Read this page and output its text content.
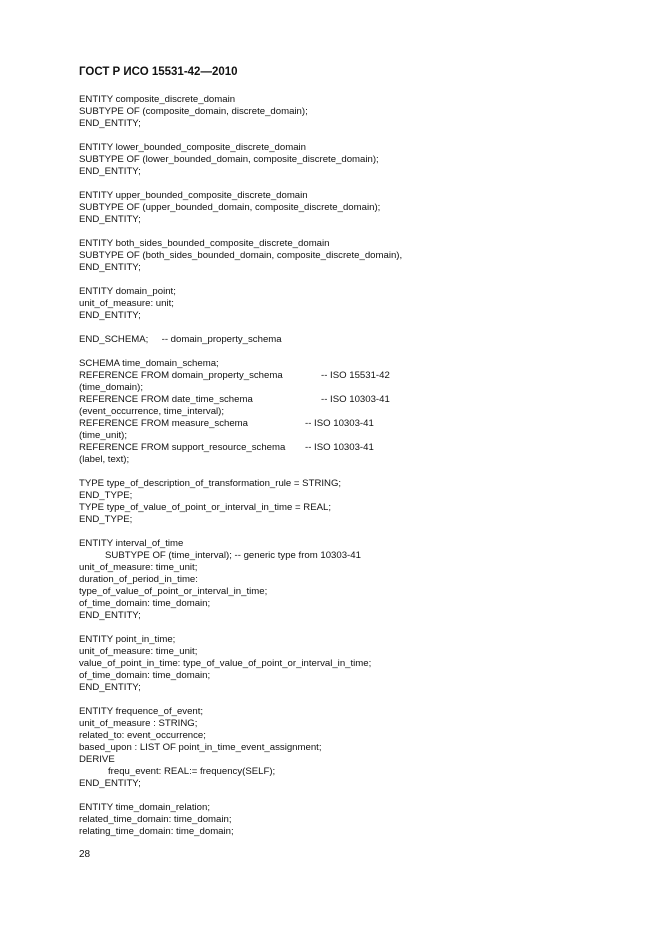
ГОСТ Р ИСО 15531-42—2010
ENTITY composite_discrete_domain
SUBTYPE OF (composite_domain, discrete_domain);
END_ENTITY;
ENTITY lower_bounded_composite_discrete_domain
SUBTYPE OF (lower_bounded_domain, composite_discrete_domain);
END_ENTITY;
ENTITY upper_bounded_composite_discrete_domain
SUBTYPE OF (upper_bounded_domain, composite_discrete_domain);
END_ENTITY;
ENTITY both_sides_bounded_composite_discrete_domain
SUBTYPE OF (both_sides_bounded_domain, composite_discrete_domain),
END_ENTITY;
ENTITY domain_point;
unit_of_measure: unit;
END_ENTITY;
END_SCHEMA;     -- domain_property_schema
SCHEMA time_domain_schema;
REFERENCE FROM domain_property_schema	-- ISO 15531-42
(time_domain);
REFERENCE FROM date_time_schema	-- ISO 10303-41
(event_occurrence, time_interval);
REFERENCE FROM measure_schema	-- ISO 10303-41
(time_unit);
REFERENCE FROM support_resource_schema -- ISO 10303-41
(label, text);
TYPE type_of_description_of_transformation_rule = STRING;
END_TYPE;
TYPE type_of_value_of_point_or_interval_in_time = REAL;
END_TYPE;
ENTITY interval_of_time
SUBTYPE OF (time_interval); -- generic type from 10303-41
unit_of_measure: time_unit;
duration_of_period_in_time:
type_of_value_of_point_or_interval_in_time;
of_time_domain: time_domain;
END_ENTITY;
ENTITY point_in_time;
unit_of_measure: time_unit;
value_of_point_in_time: type_of_value_of_point_or_interval_in_time;
of_time_domain: time_domain;
END_ENTITY;
ENTITY frequence_of_event;
unit_of_measure : STRING;
related_to: event_occurrence;
based_upon : LIST OF point_in_time_event_assignment;
DERIVE
frequ_event: REAL:= frequency(SELF);
END_ENTITY;
ENTITY time_domain_relation;
related_time_domain: time_domain;
relating_time_domain: time_domain;
28
